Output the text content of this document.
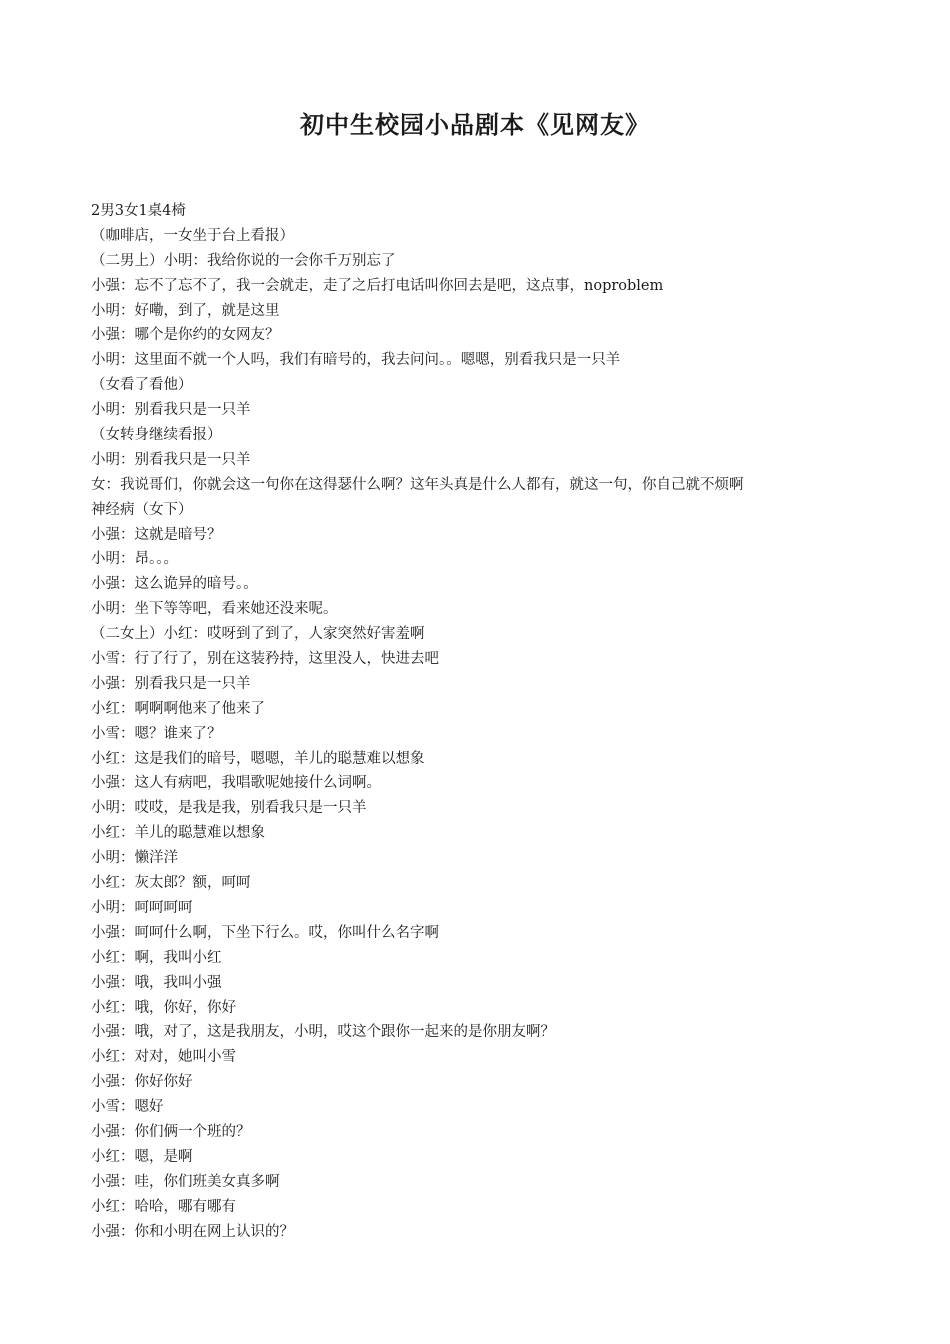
初中生校园小品剧本《见网友》
2男3女1桌4椅
（咖啡店，一女坐于台上看报）
（二男上）小明：我给你说的一会你千万别忘了
小强：忘不了忘不了，我一会就走，走了之后打电话叫你回去是吧，这点事，noproblem
小明：好嘞，到了，就是这里
小强：哪个是你约的女网友？
小明：这里面不就一个人吗，我们有暗号的，我去问问。。嗯嗯，别看我只是一只羊
（女看了看他）
小明：别看我只是一只羊
（女转身继续看报）
小明：别看我只是一只羊
女：我说哥们，你就会这一句你在这得瑟什么啊？这年头真是什么人都有，就这一句，你自己就不烦啊
神经病（女下）
小强：这就是暗号？
小明：昂。。。
小强：这么诡异的暗号。。
小明：坐下等等吧，看来她还没来呢。
（二女上）小红：哎呀到了到了，人家突然好害羞啊
小雪：行了行了，别在这装矜持，这里没人，快进去吧
小强：别看我只是一只羊
小红：啊啊啊他来了他来了
小雪：嗯？谁来了？
小红：这是我们的暗号，嗯嗯，羊儿的聪慧难以想象
小强：这人有病吧，我唱歌呢她接什么词啊。
小明：哎哎，是我是我，别看我只是一只羊
小红：羊儿的聪慧难以想象
小明：懒洋洋
小红：灰太郎？额，呵呵
小明：呵呵呵呵
小强：呵呵什么啊，下坐下行么。哎，你叫什么名字啊
小红：啊，我叫小红
小强：哦，我叫小强
小红：哦，你好，你好
小强：哦，对了，这是我朋友，小明，哎这个跟你一起来的是你朋友啊？
小红：对对，她叫小雪
小强：你好你好
小雪：嗯好
小强：你们俩一个班的？
小红：嗯，是啊
小强：哇，你们班美女真多啊
小红：哈哈，哪有哪有
小强：你和小明在网上认识的？
